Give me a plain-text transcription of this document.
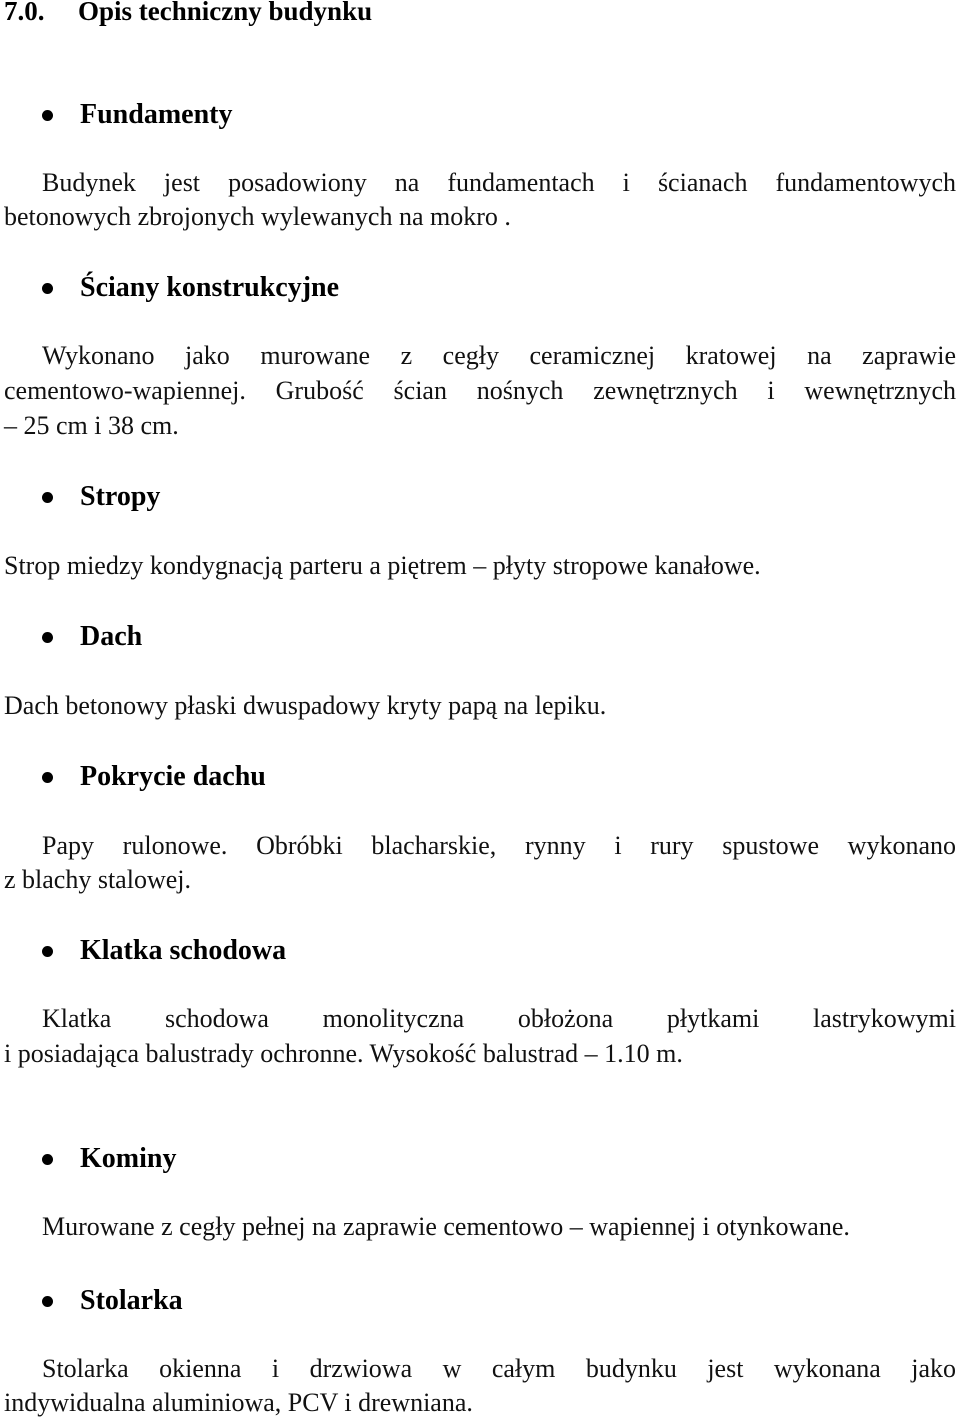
7.0. Opis techniczny budynku
Fundamenty
Budynek jest posadowiony na fundamentach i ścianach fundamentowych
betonowych zbrojonych wylewanych na mokro .
Ściany konstrukcyjne
Wykonano jako murowane z cegły ceramicznej kratowej na zaprawie
cementowo-wapiennej. Grubość ścian nośnych zewnętrznych i wewnętrznych
– 25 cm i 38 cm.
Stropy
Strop miedzy kondygnacją parteru a piętrem – płyty stropowe kanałowe.
Dach
Dach betonowy płaski dwuspadowy kryty papą na lepiku.
Pokrycie dachu
Papy rulonowe. Obróbki blacharskie, rynny i rury spustowe wykonano
z blachy stalowej.
Klatka schodowa
Klatka schodowa monolityczna obłożona płytkami lastrykowymi
i posiadająca balustrady ochronne. Wysokość balustrad – 1.10 m.
Kominy
Murowane z cegły pełnej na zaprawie cementowo – wapiennej i otynkowane.
Stolarka
Stolarka okienna i drzwiowa w całym budynku jest wykonana jako
indywidualna aluminiowa, PCV i drewniana.
